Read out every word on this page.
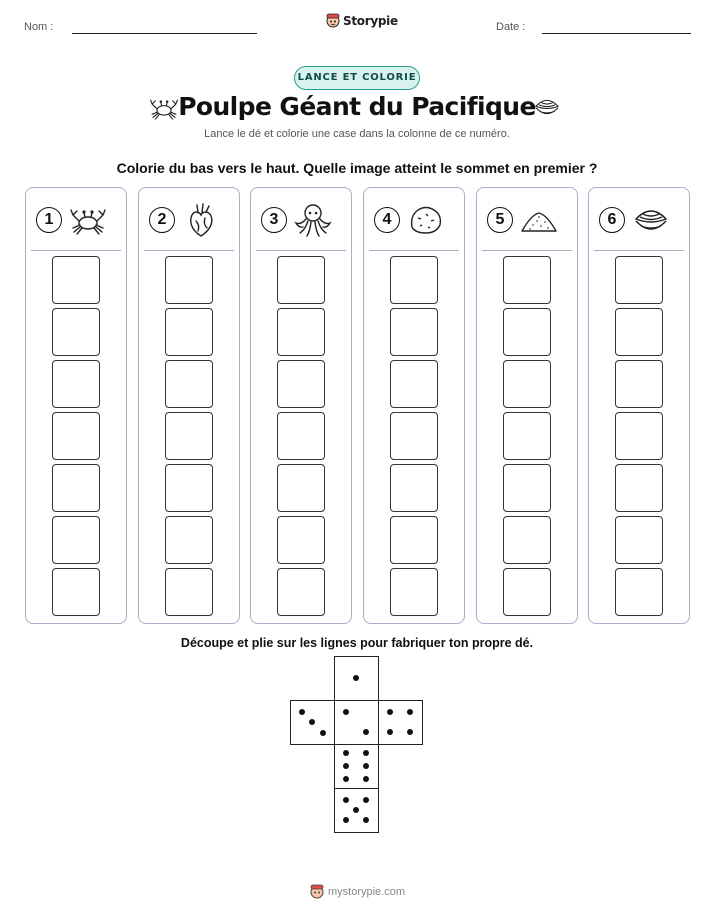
Nom :	Storypie	Date :
LANCE ET COLORIE
Poulpe Géant du Pacifique
Lance le dé et colorie une case dans la colonne de ce numéro.
Colorie du bas vers le haut. Quelle image atteint le sommet en premier ?
1	2	3	4	5	6
Découpe et plie sur les lignes pour fabriquer ton propre dé.
mystorypie.com
